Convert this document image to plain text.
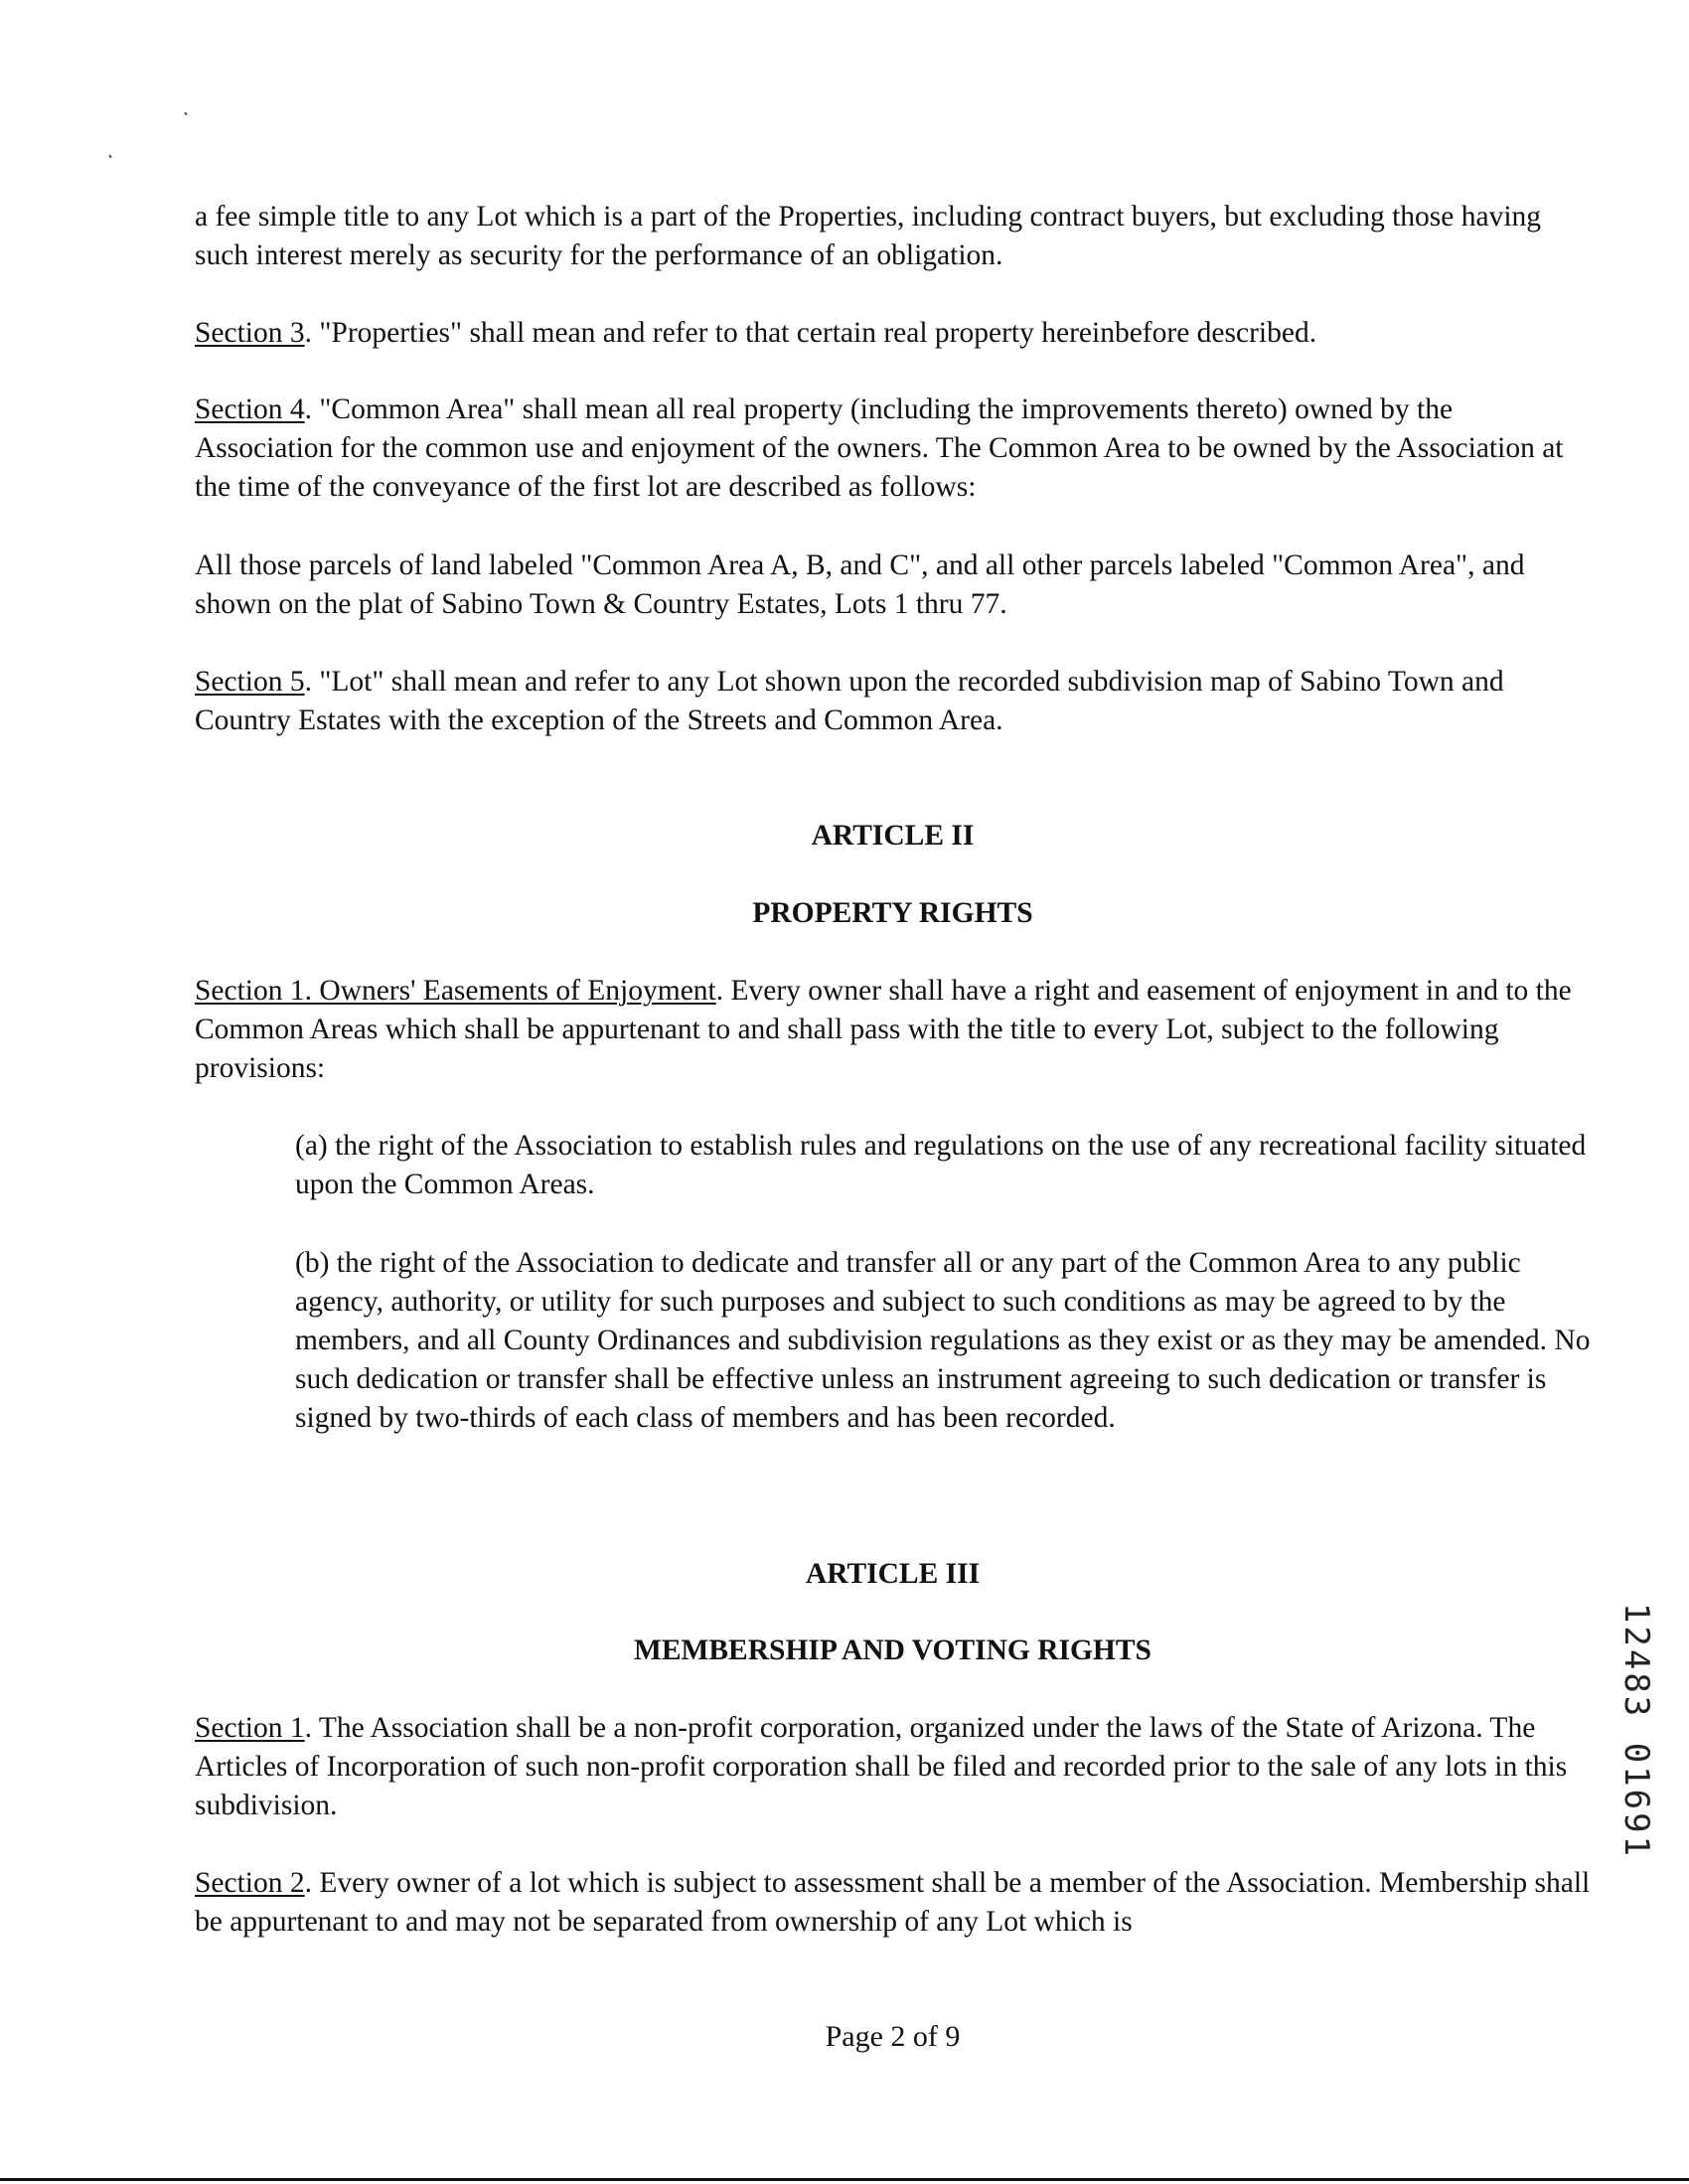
a fee simple title to any Lot which is a part of the Properties, including contract buyers, but excluding those having such interest merely as security for the performance of an obligation.

Section 3. "Properties" shall mean and refer to that certain real property hereinbefore described.

Section 4. "Common Area" shall mean all real property (including the improvements thereto) owned by the Association for the common use and enjoyment of the owners. The Common Area to be owned by the Association at the time of the conveyance of the first lot are described as follows:

All those parcels of land labeled "Common Area A, B, and C", and all other parcels labeled "Common Area", and shown on the plat of Sabino Town & Country Estates, Lots 1 thru 77.

Section 5. "Lot" shall mean and refer to any Lot shown upon the recorded subdivision map of Sabino Town and Country Estates with the exception of the Streets and Common Area.

ARTICLE II
PROPERTY RIGHTS

Section 1. Owners' Easements of Enjoyment. Every owner shall have a right and easement of enjoyment in and to the Common Areas which shall be appurtenant to and shall pass with the title to every Lot, subject to the following provisions:

(a) the right of the Association to establish rules and regulations on the use of any recreational facility situated upon the Common Areas.

(b) the right of the Association to dedicate and transfer all or any part of the Common Area to any public agency, authority, or utility for such purposes and subject to such conditions as may be agreed to by the members, and all County Ordinances and subdivision regulations as they exist or as they may be amended. No such dedication or transfer shall be effective unless an instrument agreeing to such dedication or transfer is signed by two-thirds of each class of members and has been recorded.

ARTICLE III
MEMBERSHIP AND VOTING RIGHTS

Section 1. The Association shall be a non-profit corporation, organized under the laws of the State of Arizona. The Articles of Incorporation of such non-profit corporation shall be filed and recorded prior to the sale of any lots in this subdivision.

Section 2. Every owner of a lot which is subject to assessment shall be a member of the Association. Membership shall be appurtenant to and may not be separated from ownership of any Lot which is

Page 2 of 9
12483 01691
